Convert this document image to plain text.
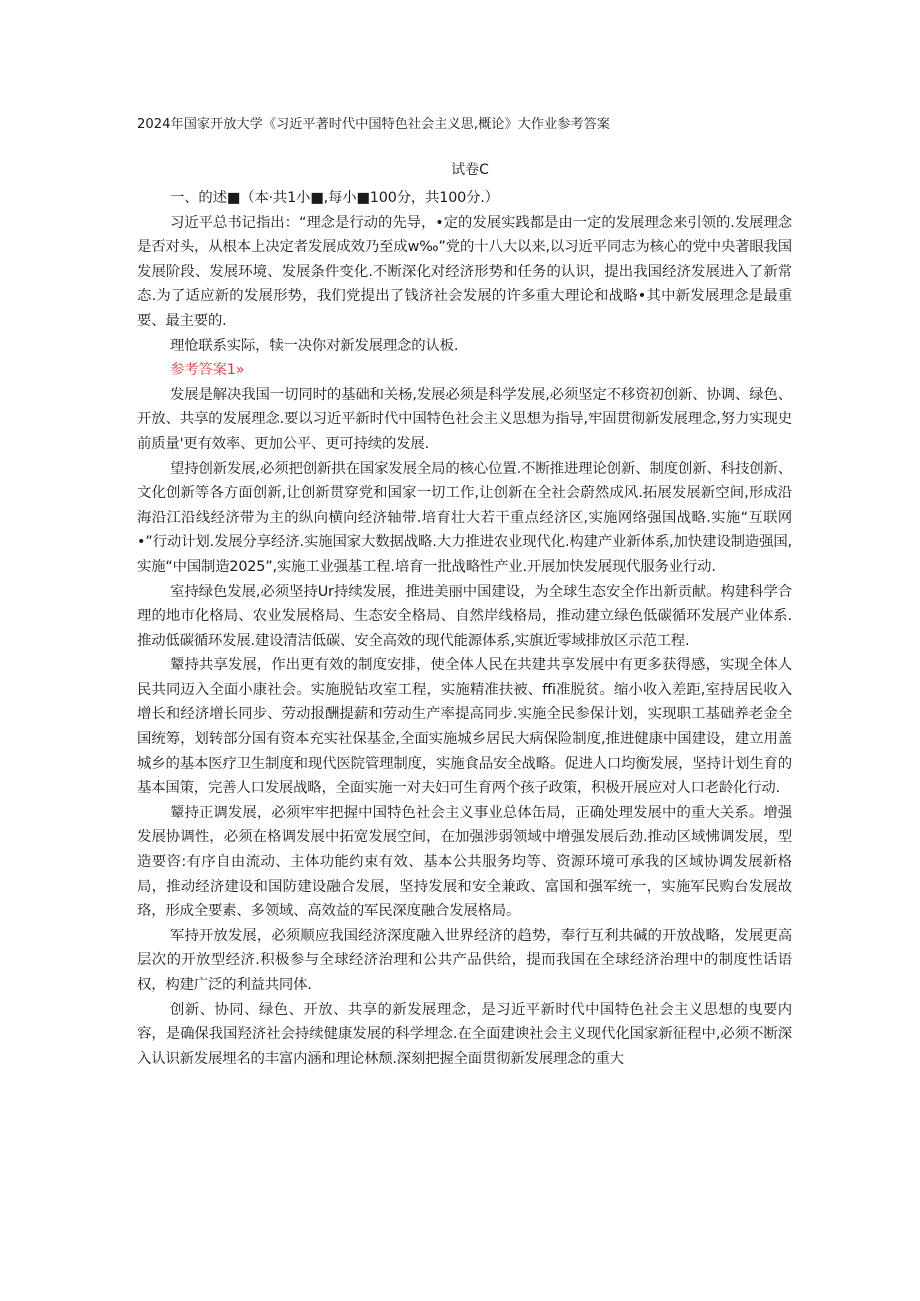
2024年国家开放大学《习近平著时代中国特色社会主义思,概论》大作业参考答案
试卷C

一、的述■（本·共1小■,每小■100分，共100分.）

习近平总书记指出：“理念是行动的先导，•定的发展实践都是由一定的发展理念来引领的.发展理念是否对头，从根本上决定者发展成效乃至成w‰”党的十八大以来,以习近平同志为核心的党中央著眼我国发展阶段、发展环境、发展条件变化.不断深化对经济形势和任务的认识，提出我国经济发展进入了新常态.为了适应新的发展形势，我们党提出了钱济社会发展的许多重大理论和战略•其中新发展理念是最重要、最主要的.

理怆联系实际，犊一决你对新发展理念的认板.

参考答案1»

发展是解决我国一切同时的基础和关杨,发展必须是科学发展,必须坚定不移资初创新、协调、绿色、开放、共享的发展理念.要以习近平新时代中国特色社会主义思想为指导,牢固贯彻新发展理念,努力实现史前质量'更有效率、更加公平、更可持续的发展.

望持创新发展,必须把创新拱在国家发展全局的核心位置.不断推进理论创新、制度创新、科技创新、文化创新等各方面创新,让创新贯穿党和国家一切工作,让创新在全社会蔚然成风.拓展发展新空间,形成沿海沿江沿线经济带为主的纵向横向经济轴带.培育壮大若干重点经济区,实施网络强国战略.实施“互联网•”行动计划.发展分享经济.实施国家大数据战略.大力推进农业现代化.构建产业新体系,加快建设制造强国,实施“中国制造2025”,实施工业强基工程.培育一批战略性产业.开展加快发展现代服务业行动.

室持绿色发展,必须坚持Ur持续发展，推进美丽中国建设，为全球生态安全作出新贡献。构建科学合理的地市化格局、农业发展格局、生态安全格局、自然岸线格局，推动建立绿色低碳循环发展产业体系.推动低碳循环发展.建设清洁低碳、安全高效的现代能源体系,实旗近零域排放区示范工程.

颦持共享发展，作出更有效的制度安排，使全体人民在共建共享发展中有更多获得感，实现全体人民共同迈入全面小康社会。实施脱钻攻室工程，实施精准扶被、ffi准脱贫。缩小收入差距,室持居民收入增长和经济增长同步、劳动报酬提薪和劳动生产率提高同步.实施全民参保计划，实现职工基础养老金全国统筹，划转部分国有资本充实社保基金,全面实施城乡居民大病保险制度,推进健康中国建设，建立用盖城乡的基本医疗卫生制度和现代医院管理制度，实施食品安全战略。促进人口均衡发展，坚持计划生育的基本国策，完善人口发展战略，全面实施一对夫妇可生育两个孩子政策，积极开展应对人口老龄化行动.

颦持正调发展，必须牢牢把握中国特色社会主义事业总体缶局，正确处理发展中的重大关系。增强发展协调性，必须在格调发展中拓宽发展空间，在加强涉弱领域中增强发展后劲.推动区域怫调发展，型造要咨:有序自由流动、主体功能约束有效、基本公共服务均等、资源环境可承我的区域协调发展新格局，推动经济建设和国防建设融合发展，坚持发展和安全兼政、富国和强军统一，实施军民购台发展故珞，形成全要素、多领域、高效益的军民深度融合发展格局。

军持开放发展，必须顺应我国经济深度融入世界经济的趋势，奉行互利共碱的开放战略，发展更高层次的开放型经济.积极参与全球经济治理和公共产品供给，提而我国在全球经济治理中的制度性话语权，构建广泛的利益共同体.

创新、协同、绿色、开放、共享的新发展理念，是习近平新时代中国特色社会主义思想的曳要内容，是确保我国羟济社会持续健康发展的科学埋念.在全面建谀社会主义现代化国家新征程中,必须不断深入认识新发展埋名的丰富内涵和理论林颓.深刻把握全面贯彻新发展理念的重大
